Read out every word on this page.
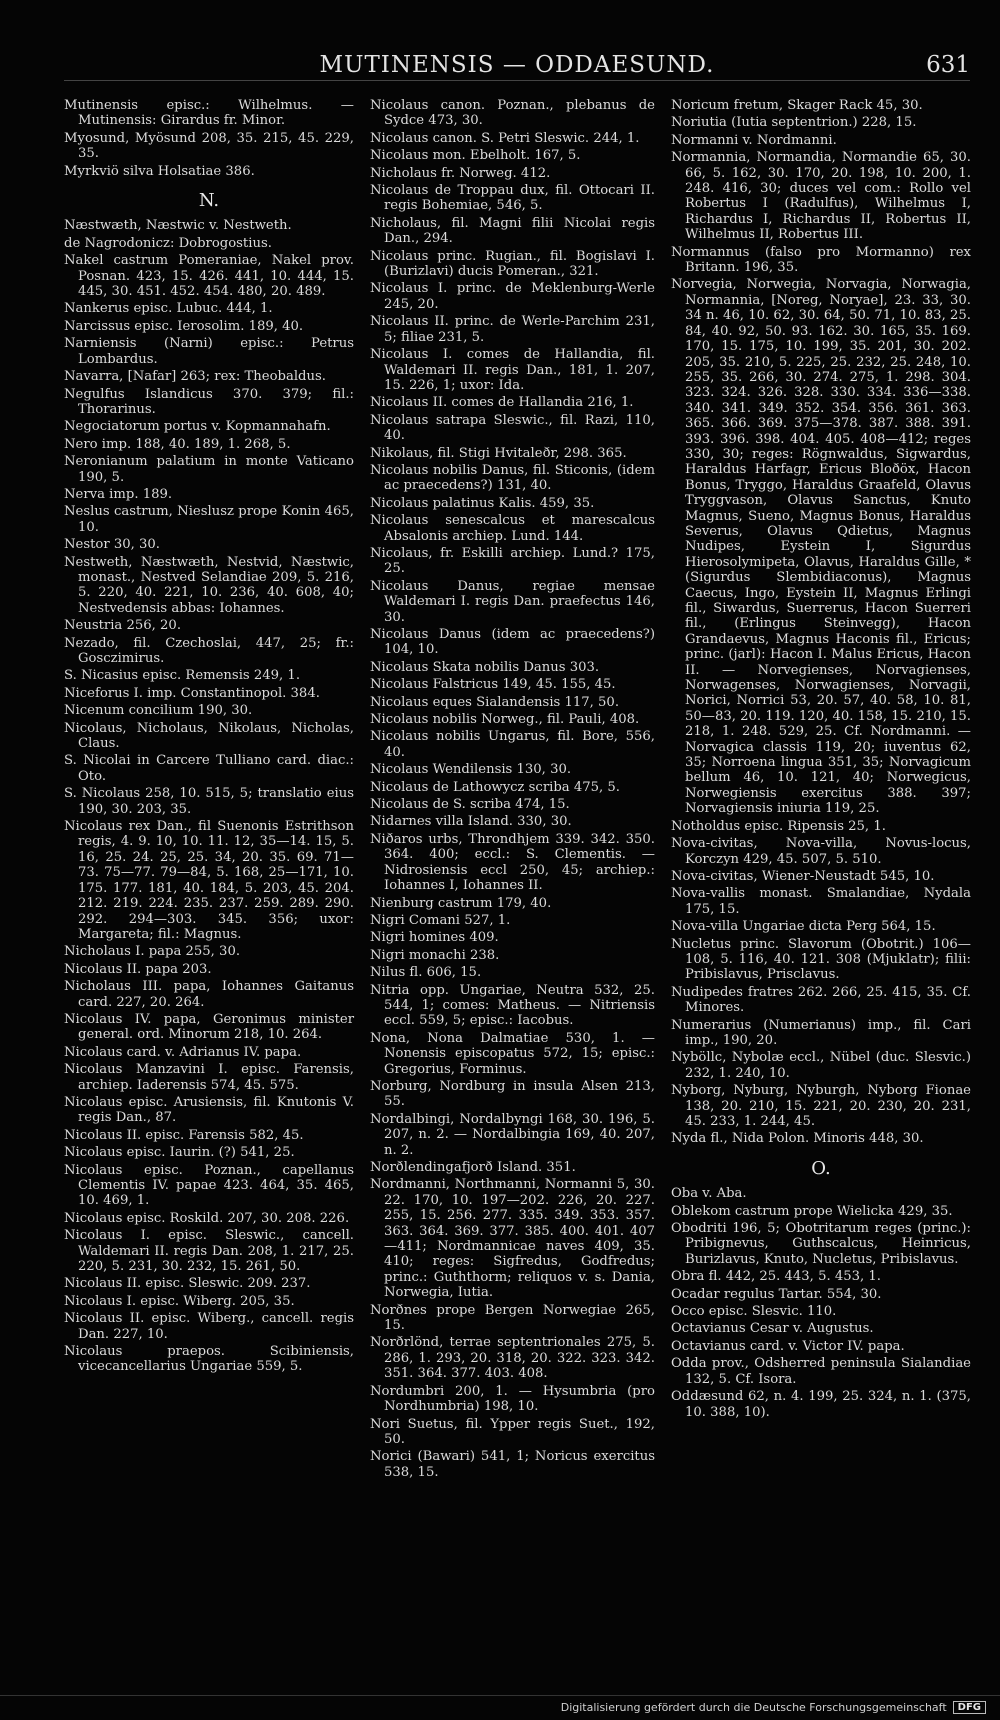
MUTINENSIS — ODDAESUND.	631
Mutinensis episc.: Wilhelmus. — Mutinensis: Girardus fr. Minor.
Myosund, Myösund 208, 35. 215, 45. 229, 35.
Myrkviö silva Holsatiae 386.
N.
Næstwæth, Næstwic v. Nestweth.
de Nagrodonicz: Dobrogostius.
Nakel castrum Pomeraniae, Nakel prov. Posnan. 423, 15. 426. 441, 10. 444, 15. 445, 30. 451. 452. 454. 480, 20. 489.
Nankerus episc. Lubuc. 444, 1.
Narcissus episc. Ierosolim. 189, 40.
Narniensis (Narni) episc.: Petrus Lombardus.
Navarra, [Nafar] 263; rex: Theobaldus.
Negulfus Islandicus 370. 379; fil.: Thorarinus.
Negociatorum portus v. Kopmannahafn.
Nero imp. 188, 40. 189, 1. 268, 5.
Neronianum palatium in monte Vaticano 190, 5.
Nerva imp. 189.
Neslus castrum, Nieslusz prope Konin 465, 10.
Nestor 30, 30.
Nestweth, Næstwæth, Nestvid, Næstwic, monast., Nestved Selandiae 209, 5. 216, 5. 220, 40. 221, 10. 236, 40. 608, 40; Nestvedensis abbas: Iohannes.
Neustria 256, 20.
Nezado, fil. Czechoslai, 447, 25; fr.: Gosczimirus.
S. Nicasius episc. Remensis 249, 1.
Niceforus I. imp. Constantinopol. 384.
Nicenum concilium 190, 30.
Nicolaus, Nicholaus, Nikolaus, Nicholas, Claus.
S. Nicolai in Carcere Tulliano card. diac.: Oto.
S. Nicolaus 258, 10. 515, 5; translatio eius 190, 30. 203, 35.
Nicolaus rex Dan., fil Suenonis Estrithson regis, 4. 9. 10, 10. 11. 12, 35—14. 15, 5. 16, 25. 24. 25, 25. 34, 20. 35. 69. 71—73. 75—77. 79—84, 5. 168, 25—171, 10. 175. 177. 181, 40. 184, 5. 203, 45. 204. 212. 219. 224. 235. 237. 259. 289. 290. 292. 294—303. 345. 356; uxor: Margareta; fil.: Magnus.
Nicholaus I. papa 255, 30.
Nicolaus II. papa 203.
Nicholaus III. papa, Iohannes Gaitanus card. 227, 20. 264.
Nicolaus IV. papa, Geronimus minister general. ord. Minorum 218, 10. 264.
Nicolaus card. v. Adrianus IV. papa.
Nicolaus Manzavini I. episc. Farensis, archiep. Iaderensis 574, 45. 575.
Nicolaus episc. Arusiensis, fil. Knutonis V. regis Dan., 87.
Nicolaus II. episc. Farensis 582, 45.
Nicolaus episc. Iaurin. (?) 541, 25.
Nicolaus episc. Poznan., capellanus Clementis IV. papae 423. 464, 35. 465, 10. 469, 1.
Nicolaus episc. Roskild. 207, 30. 208. 226.
Nicolaus I. episc. Sleswic., cancell. Waldemari II. regis Dan. 208, 1. 217, 25. 220, 5. 231, 30. 232, 15. 261, 50.
Nicolaus II. episc. Sleswic. 209. 237.
Nicolaus I. episc. Wiberg. 205, 35.
Nicolaus II. episc. Wiberg., cancell. regis Dan. 227, 10.
Nicolaus praepos. Scibiniensis, vicecancellarius Ungariae 559, 5.
Nicolaus canon. Poznan., plebanus de Sydce 473, 30.
Nicolaus canon. S. Petri Sleswic. 244, 1.
Nicolaus mon. Ebelholt. 167, 5.
Nicholaus fr. Norweg. 412.
Nicolaus de Troppau dux, fil. Ottocari II. regis Bohemiae, 546, 5.
Nicholaus, fil. Magni filii Nicolai regis Dan., 294.
Nicolaus princ. Rugian., fil. Bogislavi I. (Burizlavi) ducis Pomeran., 321.
Nicolaus I. princ. de Meklenburg-Werle 245, 20.
Nicolaus II. princ. de Werle-Parchim 231, 5; filiae 231, 5.
Nicolaus I. comes de Hallandia, fil. Waldemari II. regis Dan., 181, 1. 207, 15. 226, 1; uxor: Ida.
Nicolaus II. comes de Hallandia 216, 1.
Nicolaus satrapa Sleswic., fil. Razi, 110, 40.
Nikolaus, fil. Stigi Hvitaleðr, 298. 365.
Nicolaus nobilis Danus, fil. Sticonis, (idem ac praecedens?) 131, 40.
Nicolaus palatinus Kalis. 459, 35.
Nicolaus senescalcus et marescalcus Absalonis archiep. Lund. 144.
Nicolaus, fr. Eskilli archiep. Lund.? 175, 25.
Nicolaus Danus, regiae mensae Waldemari I. regis Dan. praefectus 146, 30.
Nicolaus Danus (idem ac praecedens?) 104, 10.
Nicolaus Skata nobilis Danus 303.
Nicolaus Falstricus 149, 45. 155, 45.
Nicolaus eques Sialandensis 117, 50.
Nicolaus nobilis Norweg., fil. Pauli, 408.
Nicolaus nobilis Ungarus, fil. Bore, 556, 40.
Nicolaus Wendilensis 130, 30.
Nicolaus de Lathowycz scriba 475, 5.
Nicolaus de S. scriba 474, 15.
Nidarnes villa Island. 330, 30.
Niðaros urbs, Throndhjem 339. 342. 350. 364. 400; eccl.: S. Clementis. — Nidrosiensis eccl 250, 45; archiep.: Iohannes I, Iohannes II.
Nienburg castrum 179, 40.
Nigri Comani 527, 1.
Nigri homines 409.
Nigri monachi 238.
Nilus fl. 606, 15.
Nitria opp. Ungariae, Neutra 532, 25. 544, 1; comes: Matheus. — Nitriensis eccl. 559, 5; episc.: Iacobus.
Nona, Nona Dalmatiae 530, 1. — Nonensis episcopatus 572, 15; episc.: Gregorius, Forminus.
Norburg, Nordburg in insula Alsen 213, 55.
Nordalbingi, Nordalbyngi 168, 30. 196, 5. 207, n. 2. — Nordalbingia 169, 40. 207, n. 2.
Norðlendingafjorð Island. 351.
Nordmanni, Northmanni, Normanni 5, 30. 22. 170, 10. 197—202. 226, 20. 227. 255, 15. 256. 277. 335. 349. 353. 357. 363. 364. 369. 377. 385. 400. 401. 407—411; Nordmannicae naves 409, 35. 410; reges: Sigfredus, Godfredus; princ.: Guththorm; reliquos v. s. Dania, Norwegia, Iutia.
Norðnes prope Bergen Norwegiae 265, 15.
Norðrlönd, terrae septentrionales 275, 5. 286, 1. 293, 20. 318, 20. 322. 323. 342. 351. 364. 377. 403. 408.
Nordumbri 200, 1. — Hysumbria (pro Nordhumbria) 198, 10.
Nori Suetus, fil. Ypper regis Suet., 192, 50.
Norici (Bawari) 541, 1; Noricus exercitus 538, 15.
Noricum fretum, Skager Rack 45, 30.
Noriutia (Iutia septentrion.) 228, 15.
Normanni v. Nordmanni.
Normannia, Normandia, Normandie 65, 30. 66, 5. 162, 30. 170, 20. 198, 10. 200, 1. 248. 416, 30; duces vel com.: Rollo vel Robertus I (Radulfus), Wilhelmus I, Richardus I, Richardus II, Robertus II, Wilhelmus II, Robertus III.
Normannus (falso pro Mormanno) rex Britann. 196, 35.
Norvegia, Norwegia, Norvagia, Norwagia, Normannia, [Noreg, Noryae], 23. 33, 30. 34 n. 46, 10. 62, 30. 64, 50. 71, 10. 83, 25. 84, 40. 92, 50. 93. 162. 30. 165, 35. 169. 170, 15. 175, 10. 199, 35. 201, 30. 202. 205, 35. 210, 5. 225, 25. 232, 25. 248, 10. 255, 35. 266, 30. 274. 275, 1. 298. 304. 323. 324. 326. 328. 330. 334. 336—338. 340. 341. 349. 352. 354. 356. 361. 363. 365. 366. 369. 375—378. 387. 388. 391. 393. 396. 398. 404. 405. 408—412; reges 330, 30; reges: Rögnwaldus, Sigwardus, Haraldus Harfagr, Ericus Bloðöx, Hacon Bonus, Tryggo, Haraldus Graafeld, Olavus Tryggvason, Olavus Sanctus, Knuto Magnus, Sueno, Magnus Bonus, Haraldus Severus, Olavus Qdietus, Magnus Nudipes, Eystein I, Sigurdus Hierosolymipeta, Olavus, Haraldus Gille, * (Sigurdus Slembidiaconus), Magnus Caecus, Ingo, Eystein II, Magnus Erlingi fil., Siwardus, Suerrerus, Hacon Suerreri fil., (Erlingus Steinvegg), Hacon Grandaevus, Magnus Haconis fil., Ericus; princ. (jarl): Hacon I. Malus Ericus, Hacon II. — Norvegienses, Norvagienses, Norwagenses, Norwagienses, Norvagii, Norici, Norrici 53, 20. 57, 40. 58, 10. 81, 50—83, 20. 119. 120, 40. 158, 15. 210, 15. 218, 1. 248. 529, 25. Cf. Nordmanni. — Norvagica classis 119, 20; iuventus 62, 35; Norroena lingua 351, 35; Norvagicum bellum 46, 10. 121, 40; Norwegicus, Norwegiensis exercitus 388. 397; Norvagiensis iniuria 119, 25.
Notholdus episc. Ripensis 25, 1.
Nova-civitas, Nova-villa, Novus-locus, Korczyn 429, 45. 507, 5. 510.
Nova-civitas, Wiener-Neustadt 545, 10.
Nova-vallis monast. Smalandiae, Nydala 175, 15.
Nova-villa Ungariae dicta Perg 564, 15.
Nucletus princ. Slavorum (Obotrit.) 106—108, 5. 116, 40. 121. 308 (Mjuklatr); filii: Pribislavus, Prisclavus.
Nudipedes fratres 262. 266, 25. 415, 35. Cf. Minores.
Numerarius (Numerianus) imp., fil. Cari imp., 190, 20.
Nyböllc, Nybolæ eccl., Nübel (duc. Slesvic.) 232, 1. 240, 10.
Nyborg, Nyburg, Nyburgh, Nyborg Fionae 138, 20. 210, 15. 221, 20. 230, 20. 231, 45. 233, 1. 244, 45.
Nyda fl., Nida Polon. Minoris 448, 30.
O.
Oba v. Aba.
Oblekom castrum prope Wielicka 429, 35.
Obodriti 196, 5; Obotritarum reges (princ.): Pribignevus, Guthscalcus, Heinricus, Burizlavus, Knuto, Nucletus, Pribislavus.
Obra fl. 442, 25. 443, 5. 453, 1.
Ocadar regulus Tartar. 554, 30.
Occo episc. Slesvic. 110.
Octavianus Cesar v. Augustus.
Octavianus card. v. Victor IV. papa.
Odda prov., Odsherred peninsula Sialandiae 132, 5. Cf. Isora.
Oddæsund 62, n. 4. 199, 25. 324, n. 1. (375, 10. 388, 10).
Digitalisierung gefördert durch die Deutsche Forschungsgemeinschaft	DFG
